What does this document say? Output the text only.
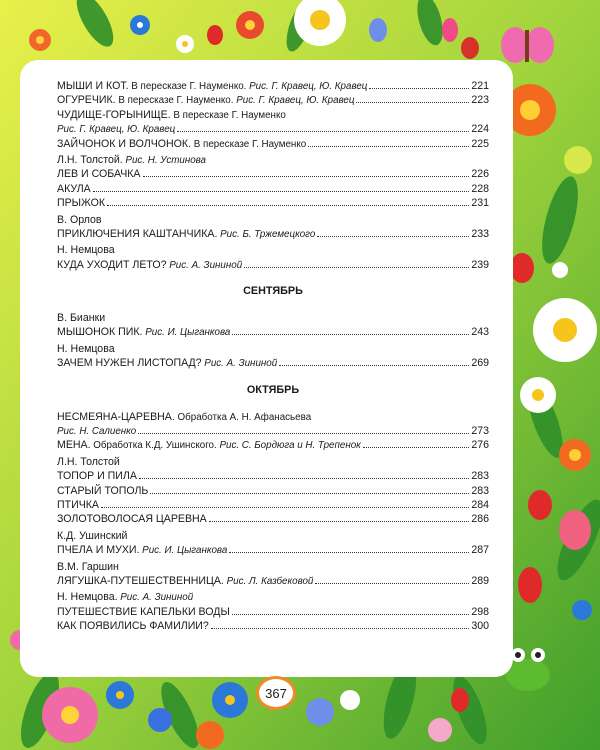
МЫШИ И КОТ. В пересказе Г. Науменко. Рис. Г. Кравец, Ю. Кравец	221
ОГУРЕЧИК. В пересказе Г. Науменко. Рис. Г. Кравец, Ю. Кравец	223
ЧУДИЩЕ-ГОРЫНИЩЕ. В пересказе Г. Науменко
Рис. Г. Кравец, Ю. Кравец	224
ЗАЙЧОНОК И ВОЛЧОНОК. В пересказе Г. Науменко	225
Л.Н. Толстой. Рис. Н. Устинова
ЛЕВ И СОБАЧКА	226
АКУЛА	228
ПРЫЖОК	231
В. Орлов
ПРИКЛЮЧЕНИЯ КАШТАНЧИКА. Рис. Б. Тржемецкого	233
Н. Немцова
КУДА УХОДИТ ЛЕТО? Рис. А. Зининой	239
СЕНТЯБРЬ
В. Бианки
МЫШОНОК ПИК. Рис. И. Цыганкова	243
Н. Немцова
ЗАЧЕМ НУЖЕН ЛИСТОПАД? Рис. А. Зининой	269
ОКТЯБРЬ
НЕСМЕЯНА-ЦАРЕВНА. Обработка А. Н. Афанасьева
Рис. Н. Салиенко	273
МЕНА. Обработка К.Д. Ушинского. Рис. С. Бордюга и Н. Трепенок	276
Л.Н. Толстой
ТОПОР И ПИЛА	283
СТАРЫЙ ТОПОЛЬ	283
ПТИЧКА	284
ЗОЛОТОВОЛОСАЯ ЦАРЕВНА	286
К.Д. Ушинский
ПЧЕЛА И МУХИ. Рис. И. Цыганкова	287
В.М. Гаршин
ЛЯГУШКА-ПУТЕШЕСТВЕННИЦА. Рис. Л. Казбековой	289
Н. Немцова. Рис. А. Зининой
ПУТЕШЕСТВИЕ КАПЕЛЬКИ ВОДЫ	298
КАК ПОЯВИЛИСЬ ФАМИЛИИ?	300
367
